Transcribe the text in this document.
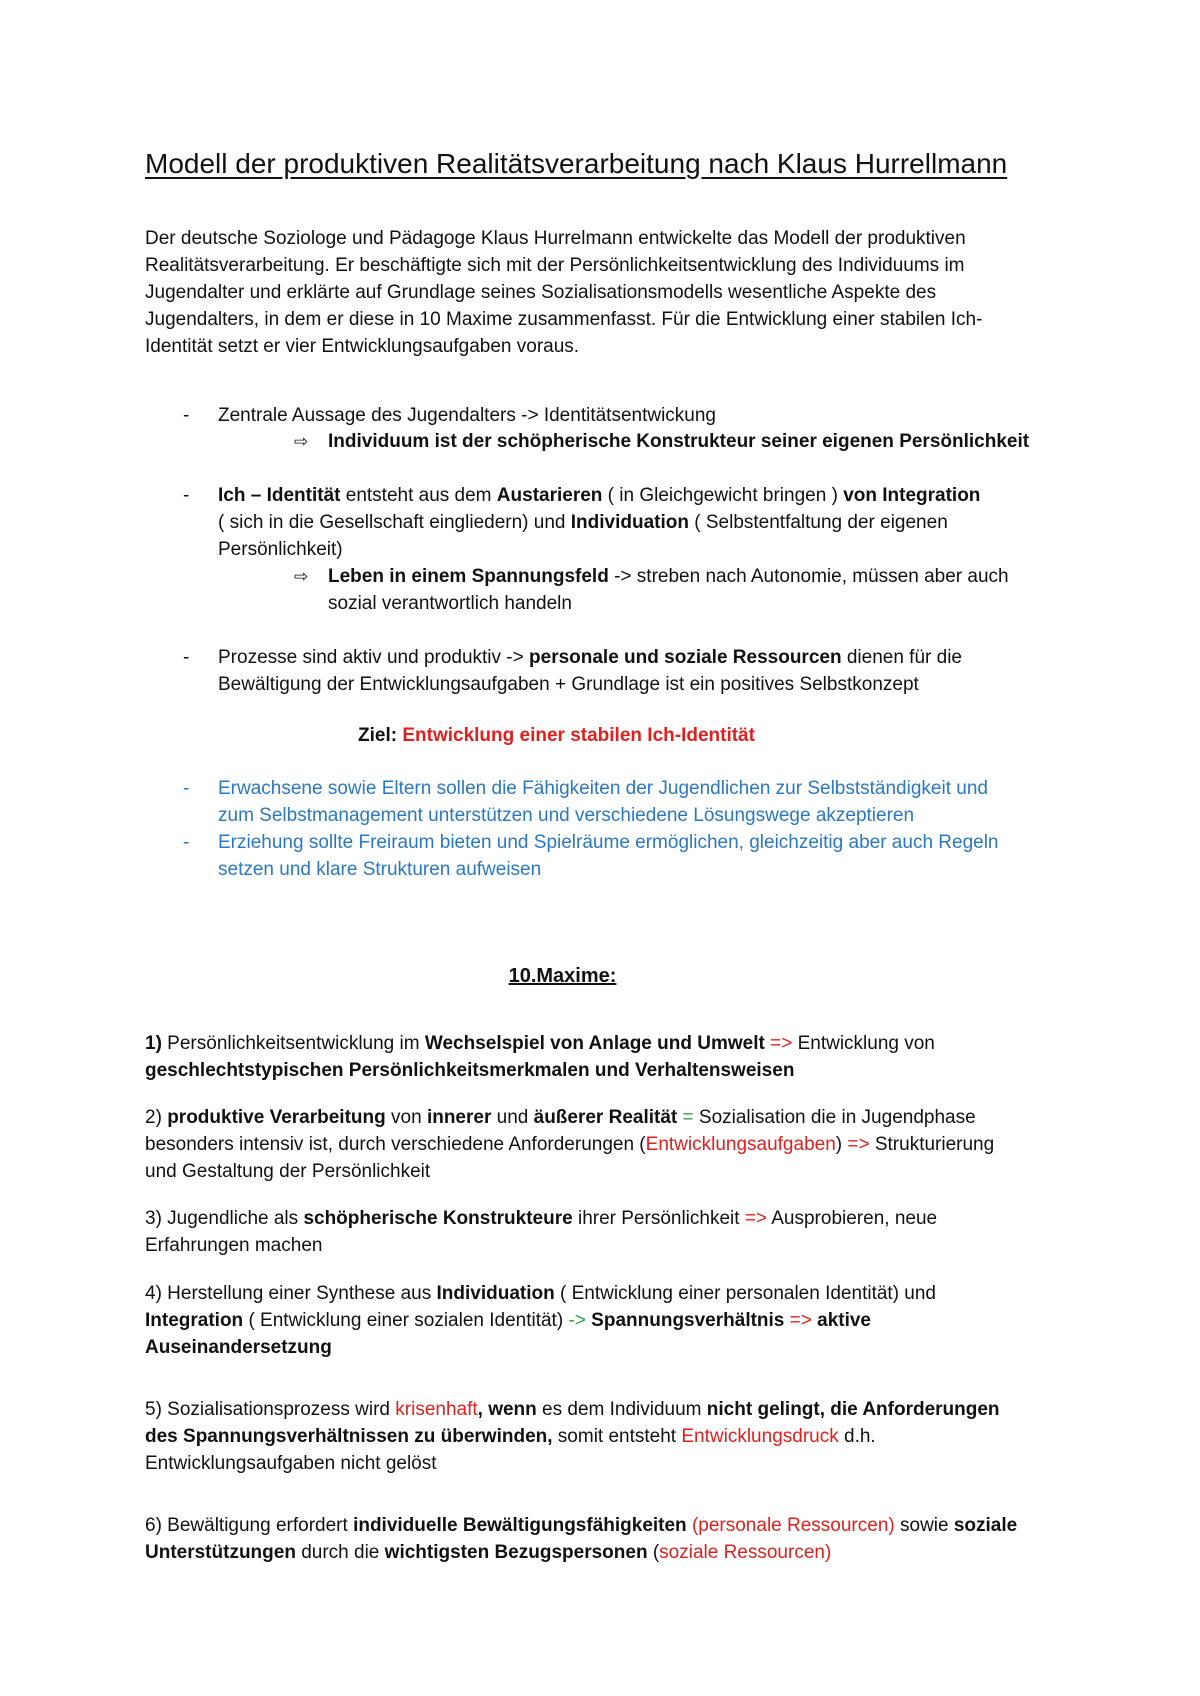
Modell der produktiven Realitätsverarbeitung nach Klaus Hurrellmann

Der deutsche Soziologe und Pädagoge Klaus Hurrelmann entwickelte das Modell der produktiven

Realitätsverarbeitung. Er beschäftigte sich mit der Persönlichkeitsentwicklung des Individuums im

Jugendalter und erklärte auf Grundlage seines Sozialisationsmodells wesentliche Aspekte des

Jugendalters, in dem er diese in 10 Maxime zusammenfasst. Für die Entwicklung einer stabilen Ich-

Identität setzt er vier Entwicklungsaufgaben voraus.

- Zentrale Aussage des Jugendalters -> Identitätsentwickung
⇨ Individuum ist der schöpherische Konstrukteur seiner eigenen Persönlichkeit
- Ich – Identität entsteht aus dem Austarieren ( in Gleichgewicht bringen ) von Integration
( sich in die Gesellschaft eingliedern) und Individuation ( Selbstentfaltung der eigenen
Persönlichkeit)
⇨ Leben in einem Spannungsfeld -> streben nach Autonomie, müssen aber auch
sozial verantwortlich handeln
- Prozesse sind aktiv und produktiv -> personale und soziale Ressourcen dienen für die
Bewältigung der Entwicklungsaufgaben + Grundlage ist ein positives Selbstkonzept
Ziel: Entwicklung einer stabilen Ich-Identität
- Erwachsene sowie Eltern sollen die Fähigkeiten der Jugendlichen zur Selbstständigkeit und
zum Selbstmanagement unterstützen und verschiedene Lösungswege akzeptieren
- Erziehung sollte Freiraum bieten und Spielräume ermöglichen, gleichzeitig aber auch Regeln
setzen und klare Strukturen aufweisen
10.Maxime:
1) Persönlichkeitsentwicklung im Wechselspiel von Anlage und Umwelt => Entwicklung von
geschlechtstypischen Persönlichkeitsmerkmalen und Verhaltensweisen
2) produktive Verarbeitung von innerer und äußerer Realität = Sozialisation die in Jugendphase
besonders intensiv ist, durch verschiedene Anforderungen (Entwicklungsaufgaben) => Strukturierung
und Gestaltung der Persönlichkeit
3) Jugendliche als schöpherische Konstrukteure ihrer Persönlichkeit => Ausprobieren, neue
Erfahrungen machen
4) Herstellung einer Synthese aus Individuation ( Entwicklung einer personalen Identität) und
Integration ( Entwicklung einer sozialen Identität) -> Spannungsverhältnis => aktive
Auseinandersetzung
5) Sozialisationsprozess wird krisenhaft, wenn es dem Individuum nicht gelingt, die Anforderungen
des Spannungsverhältnissen zu überwinden, somit entsteht Entwicklungsdruck d.h.
Entwicklungsaufgaben nicht gelöst
6) Bewältigung erfordert individuelle Bewältigungsfähigkeiten (personale Ressourcen) sowie soziale
Unterstützungen durch die wichtigsten Bezugspersonen (soziale Ressourcen)
